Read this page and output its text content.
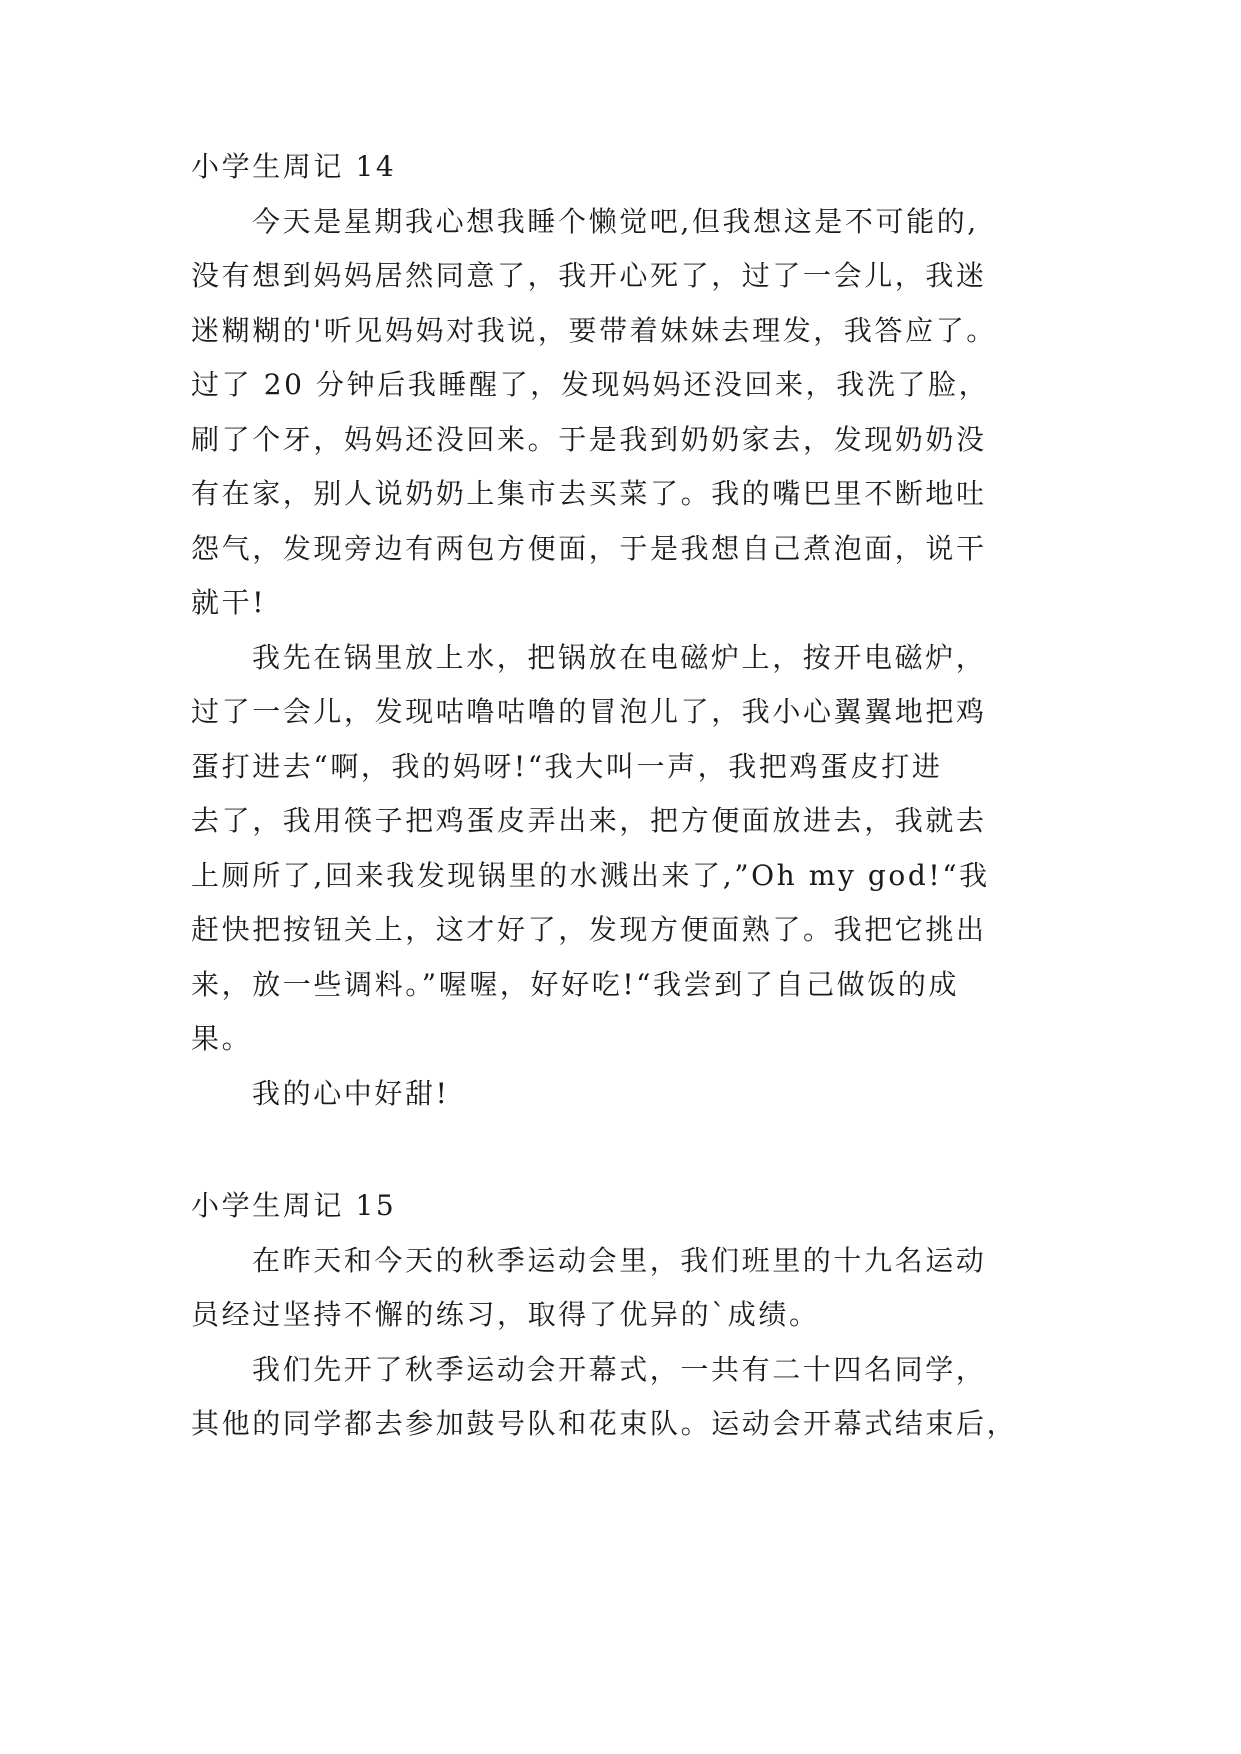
小学生周记 14
今天是星期我心想我睡个懒觉吧,但我想这是不可能的,
没有想到妈妈居然同意了，我开心死了，过了一会儿，我迷
迷糊糊的'听见妈妈对我说，要带着妹妹去理发，我答应了。
过了 20 分钟后我睡醒了，发现妈妈还没回来，我洗了脸，
刷了个牙，妈妈还没回来。于是我到奶奶家去，发现奶奶没
有在家，别人说奶奶上集市去买菜了。我的嘴巴里不断地吐
怨气，发现旁边有两包方便面，于是我想自己煮泡面，说干
就干!
我先在锅里放上水，把锅放在电磁炉上，按开电磁炉，
过了一会儿，发现咕噜咕噜的冒泡儿了，我小心翼翼地把鸡
蛋打进去“啊，我的妈呀!“我大叫一声，我把鸡蛋皮打进
去了，我用筷子把鸡蛋皮弄出来，把方便面放进去，我就去
上厕所了,回来我发现锅里的水溅出来了,”Oh my god!“我
赶快把按钮关上，这才好了，发现方便面熟了。我把它挑出
来，放一些调料。”喔喔，好好吃!“我尝到了自己做饭的成
果。
我的心中好甜!
小学生周记 15
在昨天和今天的秋季运动会里，我们班里的十九名运动
员经过坚持不懈的练习，取得了优异的`成绩。
我们先开了秋季运动会开幕式，一共有二十四名同学，
其他的同学都去参加鼓号队和花束队。运动会开幕式结束后，
